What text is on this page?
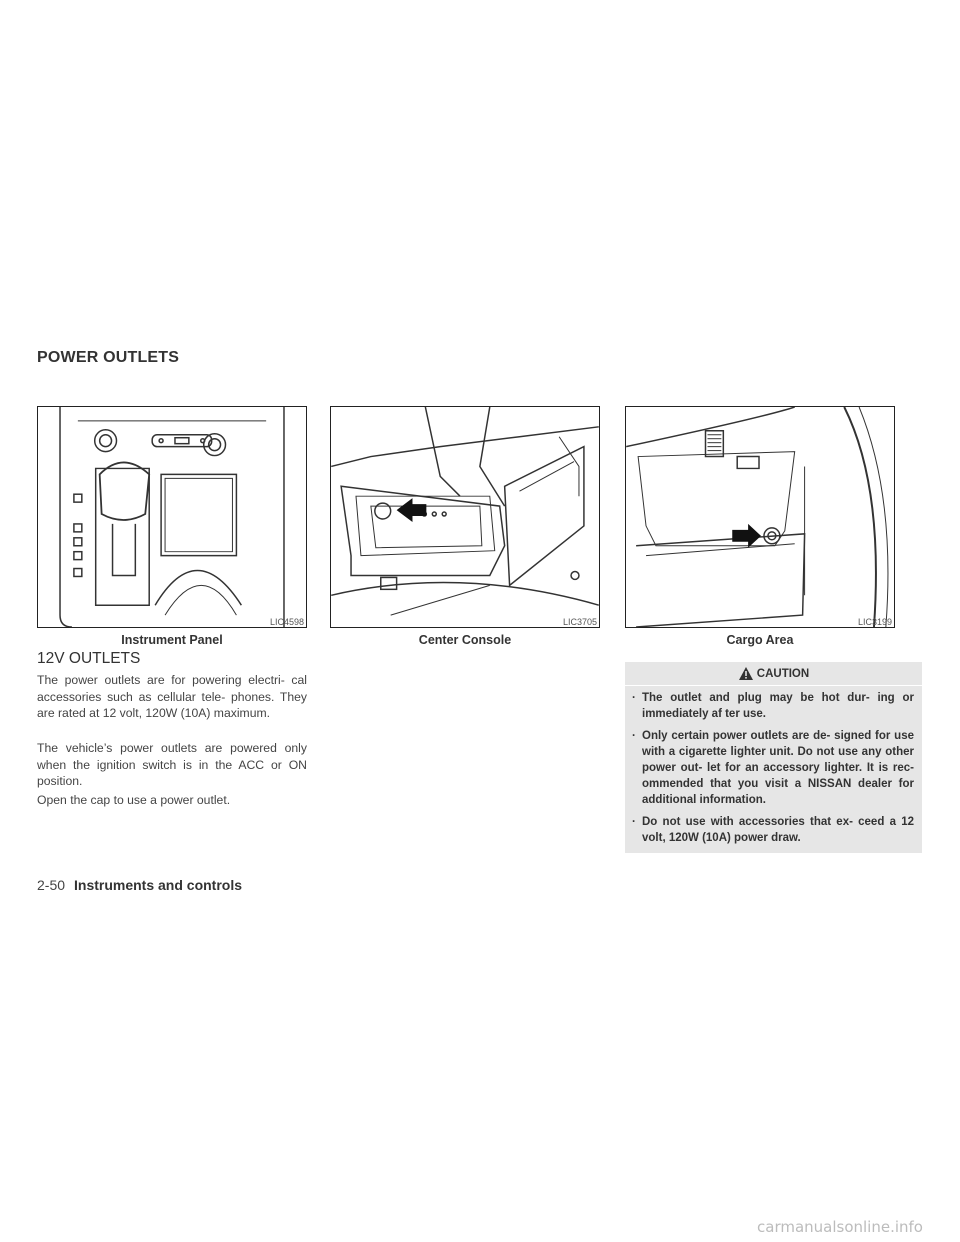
POWER OUTLETS
LIC4598
Instrument Panel
LIC3705
Center Console
LIC3199
Cargo Area
12V OUTLETS

The power outlets are for powering electri- cal accessories such as cellular tele- phones. They are rated at 12 volt, 120W (10A) maximum.

The vehicle’s power outlets are powered only when the ignition switch is in the ACC or ON position.

Open the cap to use a power outlet.

CAUTION
· The outlet and plug may be hot dur- ing or immediately af ter use.
· Only certain power outlets are de- signed for use with a cigarette lighter unit. Do not use any other power out- let for an accessory lighter. It is rec- ommended that you visit a NISSAN dealer for additional information.
· Do not use with accessories that ex- ceed a 12 volt, 120W (10A) power draw.
2-50 Instruments and controls
carmanualsonline.info
